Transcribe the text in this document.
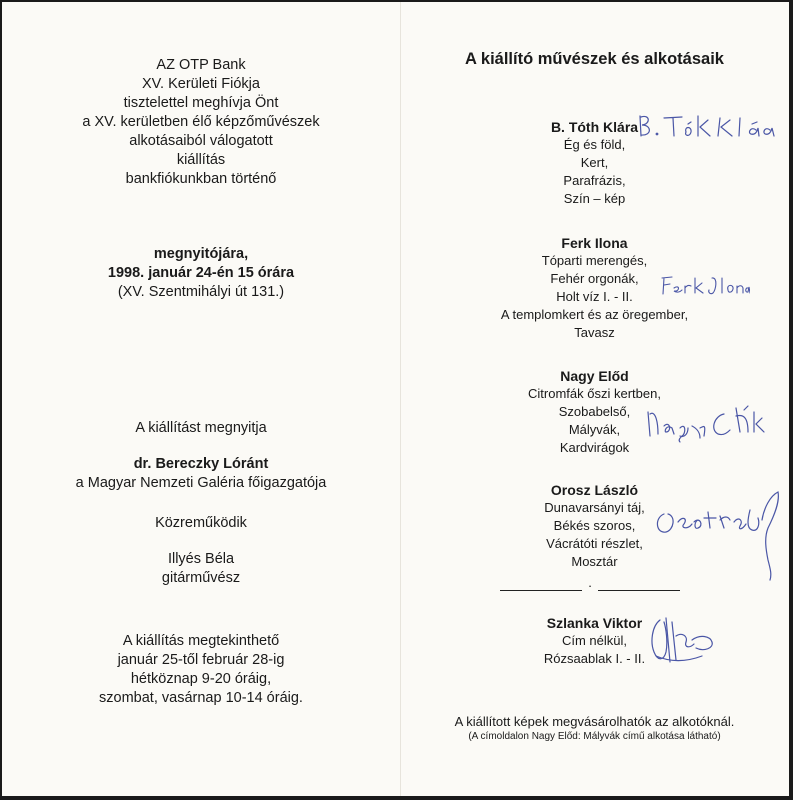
AZ OTP Bank
XV. Kerületi Fiókja
tisztelettel meghívja Önt
a XV. kerületben élő képzőművészek
alkotásaiból válogatott
kiállítás
bankfiókunkban történő
megnyitójára,
1998. január 24-én 15 órára
(XV. Szentmihályi út 131.)
A kiállítást megnyitja
dr. Bereczky Lóránt
a Magyar Nemzeti Galéria főigazgatója
Közreműködik
Illyés Béla
gitárművész
A kiállítás megtekinthető
január 25-től február 28-ig
hétköznap 9-20 óráig,
szombat, vasárnap 10-14 óráig.
A kiállító művészek és alkotásaik
B. Tóth Klára
Ég és föld,
Kert,
Parafrázis,
Szín – kép
Ferk Ilona
Tóparti merengés,
Fehér orgonák,
Holt víz I. - II.
A templomkert és az öregember,
Tavasz
Nagy Előd
Citromfák őszi kertben,
Szobabelső,
Mályvák,
Kardvirágok
Orosz László
Dunavarsányi táj,
Békés szoros,
Vácrátóti részlet,
Mosztár
.
Szlanka Viktor
Cím nélkül,
Rózsaablak I. - II.
A kiállított képek megvásárolhatók az alkotóknál.
(A címoldalon Nagy Előd: Mályvák című alkotása látható)
